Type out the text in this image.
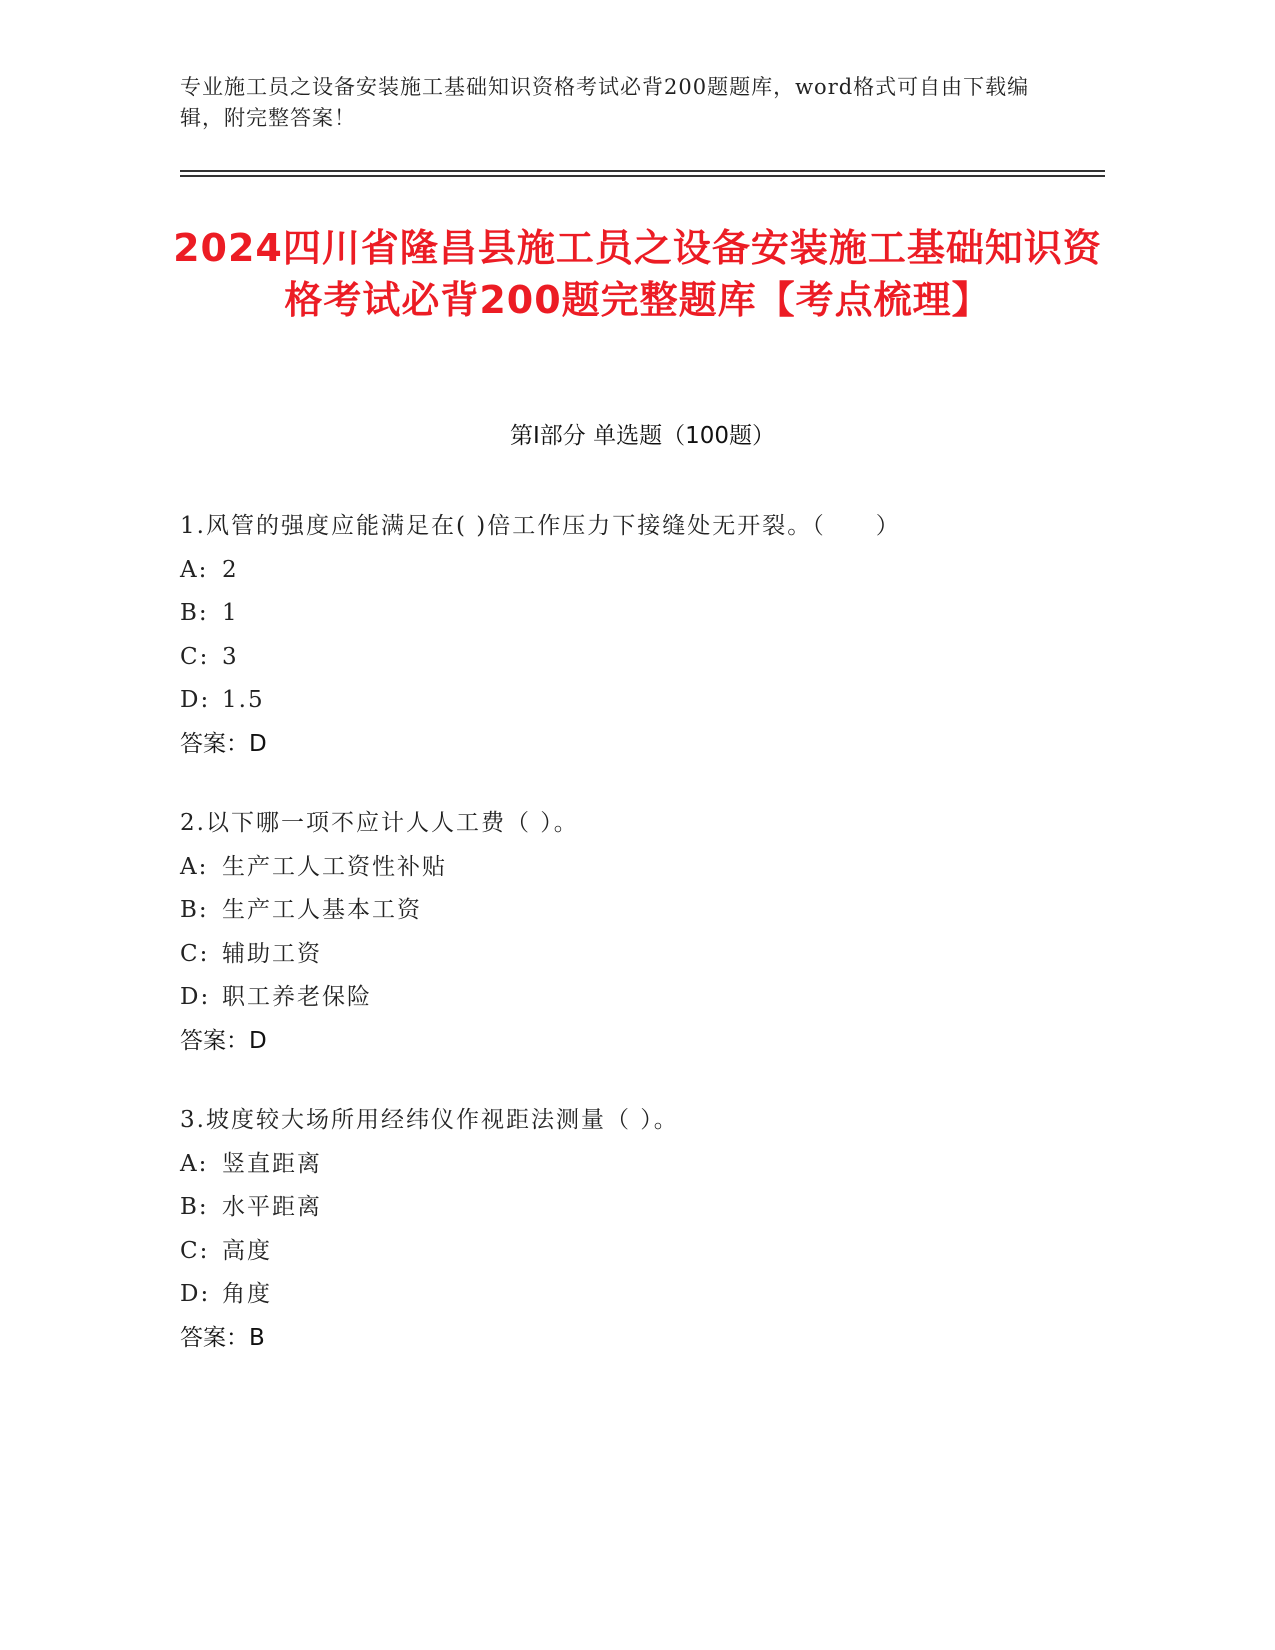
专业施工员之设备安装施工基础知识资格考试必背200题题库，word格式可自由下载编辑，附完整答案！
2024四川省隆昌县施工员之设备安装施工基础知识资格考试必背200题完整题库【考点梳理】
第I部分 单选题（100题）
1.风管的强度应能满足在( )倍工作压力下接缝处无开裂。（　　）
A: 2
B: 1
C: 3
D: 1.5
答案：D
2.以下哪一项不应计人人工费（ ）。
A: 生产工人工资性补贴
B: 生产工人基本工资
C: 辅助工资
D: 职工养老保险
答案：D
3.坡度较大场所用经纬仪作视距法测量（ ）。
A: 竖直距离
B: 水平距离
C: 高度
D: 角度
答案：B
